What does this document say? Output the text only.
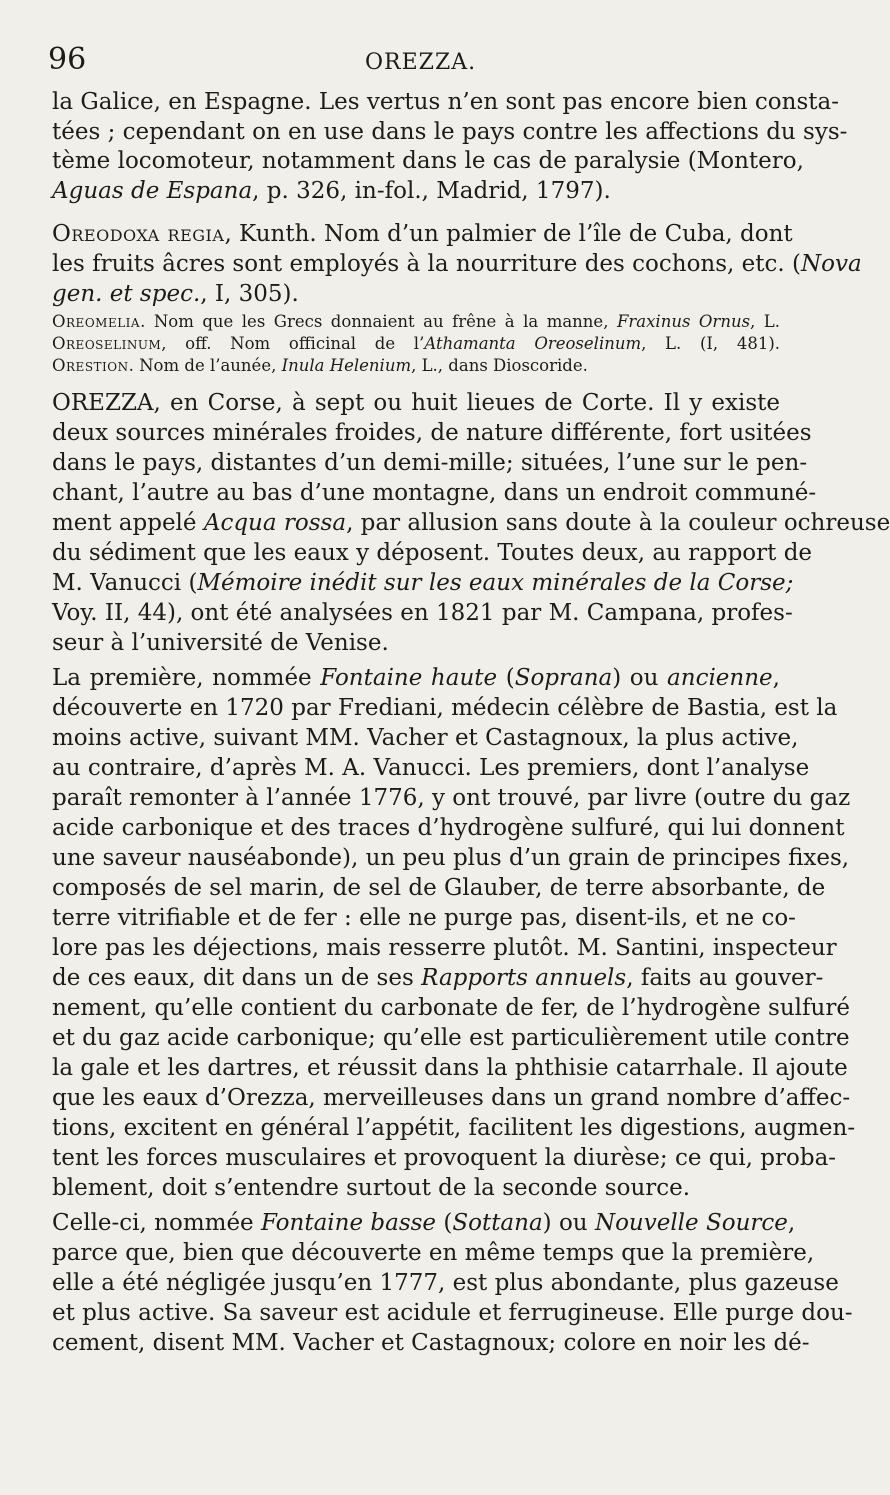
96	OREZZA.
la Galice, en Espagne. Les vertus n’en sont pas encore bien consta-
tées ; cependant on en use dans le pays contre les affections du sys-
tème locomoteur, notamment dans le cas de paralysie (Montero,
Aguas de Espana, p. 326, in-fol., Madrid, 1797).
Oreodoxa regia, Kunth. Nom d’un palmier de l’île de Cuba, dont
les fruits âcres sont employés à la nourriture des cochons, etc. (Nova
gen. et spec., I, 305).
Oreomelia. Nom que les Grecs donnaient au frêne à la manne, Fraxinus Ornus, L.
Oreoselinum, off. Nom officinal de l’Athamanta Oreoselinum, L. (I, 481).
Orestion. Nom de l’aunée, Inula Helenium, L., dans Dioscoride.
OREZZA, en Corse, à sept ou huit lieues de Corte. Il y existe
deux sources minérales froides, de nature différente, fort usitées
dans le pays, distantes d’un demi-mille; situées, l’une sur le pen-
chant, l’autre au bas d’une montagne, dans un endroit communé-
ment appelé Acqua rossa, par allusion sans doute à la couleur ochreuse
du sédiment que les eaux y déposent. Toutes deux, au rapport de
M. Vanucci (Mémoire inédit sur les eaux minérales de la Corse;
Voy. II, 44), ont été analysées en 1821 par M. Campana, profes-
seur à l’université de Venise.
La première, nommée Fontaine haute (Soprana) ou ancienne,
découverte en 1720 par Frediani, médecin célèbre de Bastia, est la
moins active, suivant MM. Vacher et Castagnoux, la plus active,
au contraire, d’après M. A. Vanucci. Les premiers, dont l’analyse
paraît remonter à l’année 1776, y ont trouvé, par livre (outre du gaz
acide carbonique et des traces d’hydrogène sulfuré, qui lui donnent
une saveur nauséabonde), un peu plus d’un grain de principes fixes,
composés de sel marin, de sel de Glauber, de terre absorbante, de
terre vitrifiable et de fer : elle ne purge pas, disent-ils, et ne co-
lore pas les déjections, mais resserre plutôt. M. Santini, inspecteur
de ces eaux, dit dans un de ses Rapports annuels, faits au gouver-
nement, qu’elle contient du carbonate de fer, de l’hydrogène sulfuré
et du gaz acide carbonique; qu’elle est particulièrement utile contre
la gale et les dartres, et réussit dans la phthisie catarrhale. Il ajoute
que les eaux d’Orezza, merveilleuses dans un grand nombre d’affec-
tions, excitent en général l’appétit, facilitent les digestions, augmen-
tent les forces musculaires et provoquent la diurèse; ce qui, proba-
blement, doit s’entendre surtout de la seconde source.
Celle-ci, nommée Fontaine basse (Sottana) ou Nouvelle Source,
parce que, bien que découverte en même temps que la première,
elle a été négligée jusqu’en 1777, est plus abondante, plus gazeuse
et plus active. Sa saveur est acidule et ferrugineuse. Elle purge dou-
cement, disent MM. Vacher et Castagnoux; colore en noir les dé-
